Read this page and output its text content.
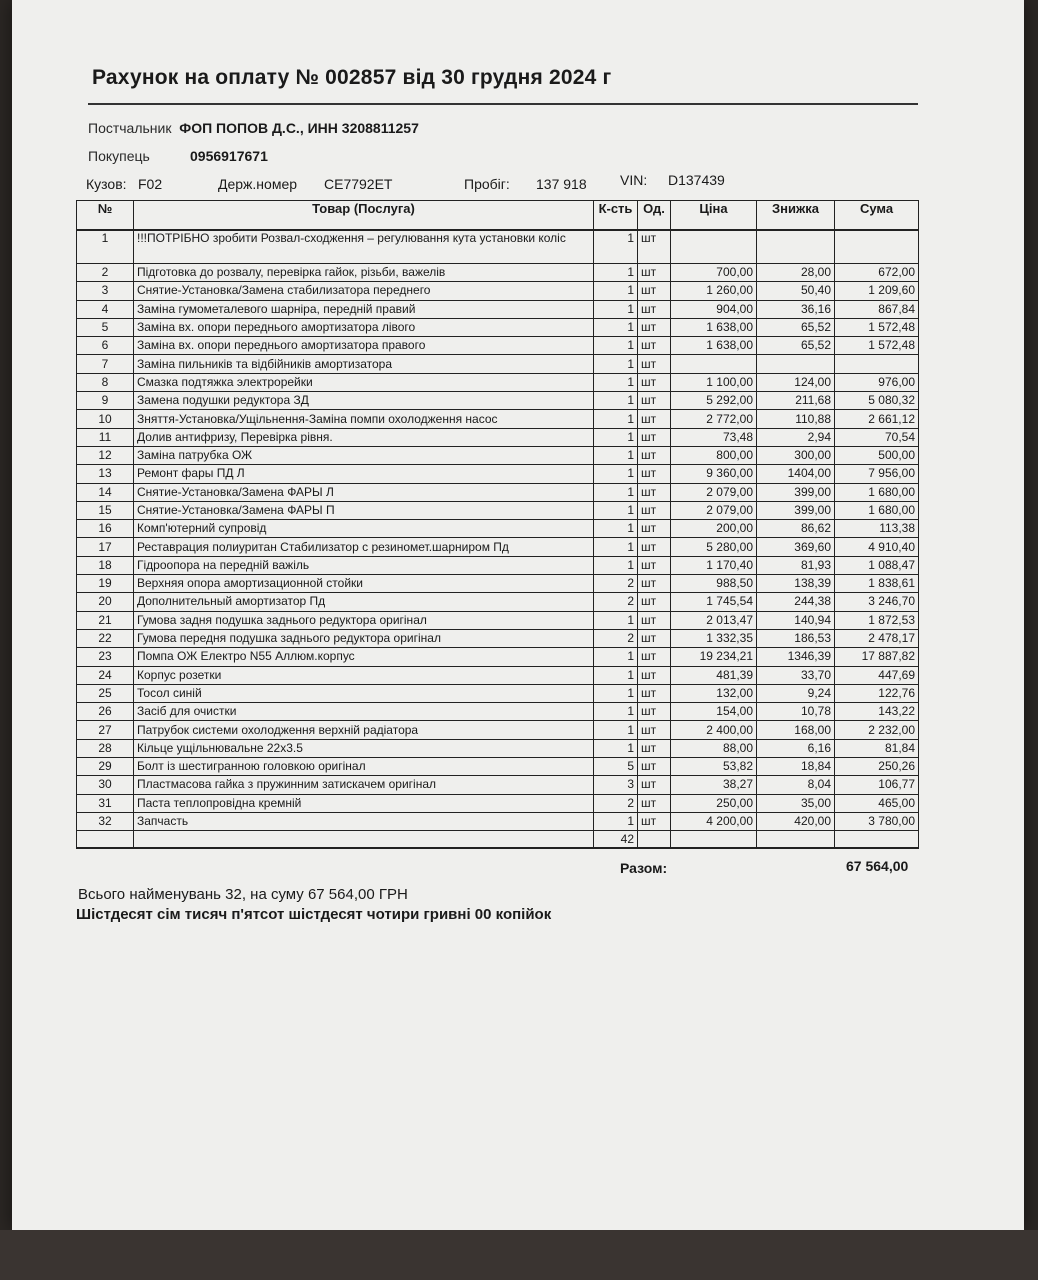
Рахунок на оплату № 002857 від 30 грудня 2024 г
Постчальник ФОП ПОПОВ Д.С., ИНН 3208811257
Покупець	0956917671
Кузов: F02	Держ.номер CE7792ET	Пробіг: 137 918 VIN: D137439
№	Товар (Послуга)	К-сть	Од.	Ціна	Знижка	Сума
1	!!!ПОТРІБНО зробити Розвал-сходження – регулювання кута установки коліс	1	шт			
2	Підготовка до розвалу, перевірка гайок, різьби, важелів	1	шт	700,00	28,00	672,00
3	Снятие-Установка/Замена стабилизатора переднего	1	шт	1 260,00	50,40	1 209,60
4	Заміна гумометалевого шарніра, передній правий	1	шт	904,00	36,16	867,84
5	Заміна вх. опори переднього амортизатора лівого	1	шт	1 638,00	65,52	1 572,48
6	Заміна вх. опори переднього амортизатора правого	1	шт	1 638,00	65,52	1 572,48
7	Заміна пильників та відбійників амортизатора	1	шт			
8	Смазка подтяжка электрорейки	1	шт	1 100,00	124,00	976,00
9	Замена подушки редуктора ЗД	1	шт	5 292,00	211,68	5 080,32
10	Зняття-Установка/Ущільнення-Заміна помпи охолодження насос	1	шт	2 772,00	110,88	2 661,12
11	Долив антифризу, Перевірка рівня.	1	шт	73,48	2,94	70,54
12	Заміна патрубка ОЖ	1	шт	800,00	300,00	500,00
13	Ремонт фары ПД Л	1	шт	9 360,00	1404,00	7 956,00
14	Снятие-Установка/Замена ФАРЫ Л	1	шт	2 079,00	399,00	1 680,00
15	Снятие-Установка/Замена ФАРЫ П	1	шт	2 079,00	399,00	1 680,00
16	Комп'ютерний супровід	1	шт	200,00	86,62	113,38
17	Реставрация полиуритан Стабилизатор с резиномет.шарниром Пд	1	шт	5 280,00	369,60	4 910,40
18	Гідроопора на передній важіль	1	шт	1 170,40	81,93	1 088,47
19	Верхняя опора амортизационной стойки	2	шт	988,50	138,39	1 838,61
20	Дополнительный амортизатор Пд	2	шт	1 745,54	244,38	3 246,70
21	Гумова задня подушка заднього редуктора оригінал	1	шт	2 013,47	140,94	1 872,53
22	Гумова передня подушка заднього редуктора оригінал	2	шт	1 332,35	186,53	2 478,17
23	Помпа ОЖ Електро N55 Аллюм.корпус	1	шт	19 234,21	1346,39	17 887,82
24	Корпус розетки	1	шт	481,39	33,70	447,69
25	Тосол синій	1	шт	132,00	9,24	122,76
26	Засіб для очистки	1	шт	154,00	10,78	143,22
27	Патрубок системи охолодження верхній радіатора	1	шт	2 400,00	168,00	2 232,00
28	Кільце ущільнювальне 22х3.5	1	шт	88,00	6,16	81,84
29	Болт із шестигранною головкою оригінал	5	шт	53,82	18,84	250,26
30	Пластмасова гайка з пружинним затискачем оригінал	3	шт	38,27	8,04	106,77
31	Паста теплопровідна кремній	2	шт	250,00	35,00	465,00
32	Запчасть	1	шт	4 200,00	420,00	3 780,00
		42				
Разом:	67 564,00
Всього найменувань 32, на суму 67 564,00 ГРН
Шістдесят сім тисяч п'ятсот шістдесят чотири гривні 00 копійок
